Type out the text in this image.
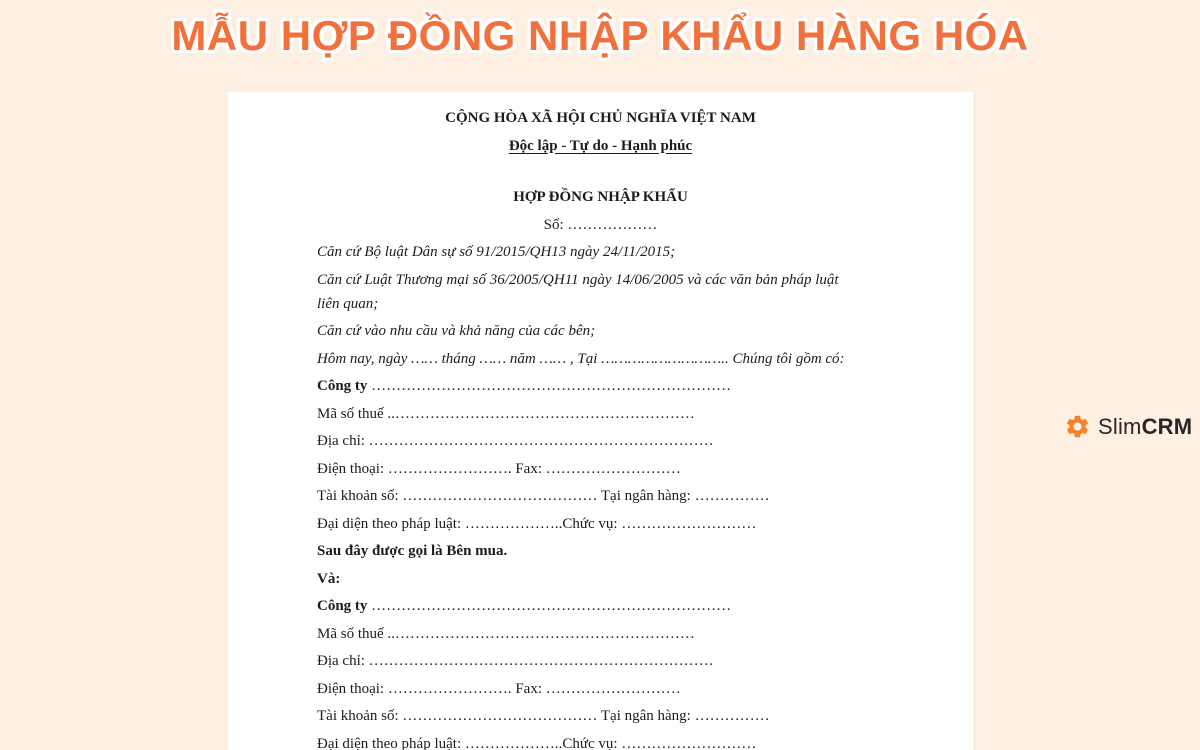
MẪU HỢP ĐỒNG NHẬP KHẨU HÀNG HÓA

CỘNG HÒA XÃ HỘI CHỦ NGHĨA VIỆT NAM

Độc lập - Tự do - Hạnh phúc

HỢP ĐỒNG NHẬP KHẨU

Số: ………………

Căn cứ Bộ luật Dân sự số 91/2015/QH13 ngày 24/11/2015;

Căn cứ Luật Thương mại số 36/2005/QH11 ngày 14/06/2005 và các văn bản pháp luật liên quan;

Căn cứ vào nhu cầu và khả năng của các bên;

Hôm nay, ngày …… tháng …… năm …… , Tại ……………………….. Chúng tôi gồm có:

Công ty ………………………………………………………………

Mã số thuế ..……………………………………………………

Địa chỉ: ……………………………………………………………

Điện thoại: ……………………. Fax: ………………………

Tài khoản số: ………………………………… Tại ngân hàng: ……………

Đại diện theo pháp luật: ………………..Chức vụ: ………………………

Sau đây được gọi là Bên mua.

Và:

Công ty ………………………………………………………………

Mã số thuế ..……………………………………………………

Địa chỉ: ……………………………………………………………

Điện thoại: ……………………. Fax: ………………………

Tài khoản số: ………………………………… Tại ngân hàng: ……………

Đại diện theo pháp luật: ………………..Chức vụ: ………………………

SlimCRM
